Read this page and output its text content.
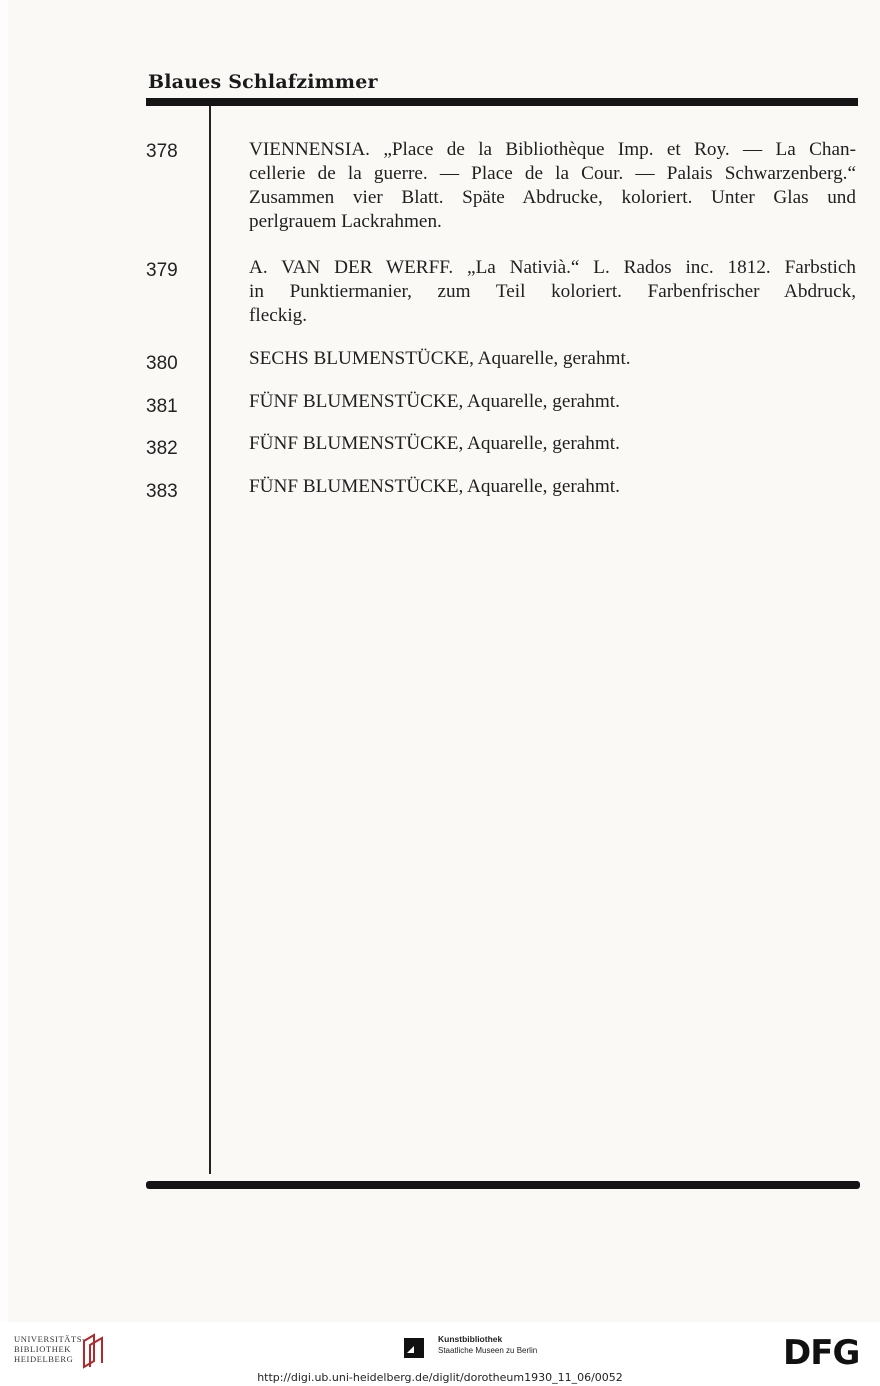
Blaues Schlafzimmer
378	VIENNENSIA. „Place de la Bibliothèque Imp. et Roy. — La Chan-
cellerie de la guerre. — Place de la Cour. — Palais Schwarzenberg.“
Zusammen vier Blatt. Späte Abdrucke, koloriert. Unter Glas und
perlgrauem Lackrahmen.
379	A. VAN DER WERFF. „La Nativià.“ L. Rados inc. 1812. Farbstich
in Punktiermanier, zum Teil koloriert. Farbenfrischer Abdruck,
fleckig.
380	SECHS BLUMENSTÜCKE, Aquarelle, gerahmt.
381	FÜNF BLUMENSTÜCKE, Aquarelle, gerahmt.
382	FÜNF BLUMENSTÜCKE, Aquarelle, gerahmt.
383	FÜNF BLUMENSTÜCKE, Aquarelle, gerahmt.
UNIVERSITÄTS-
BIBLIOTHEK
HEIDELBERG
Kunstbibliothek
Staatliche Museen zu Berlin	DFG
http://digi.ub.uni-heidelberg.de/diglit/dorotheum1930_11_06/0052
